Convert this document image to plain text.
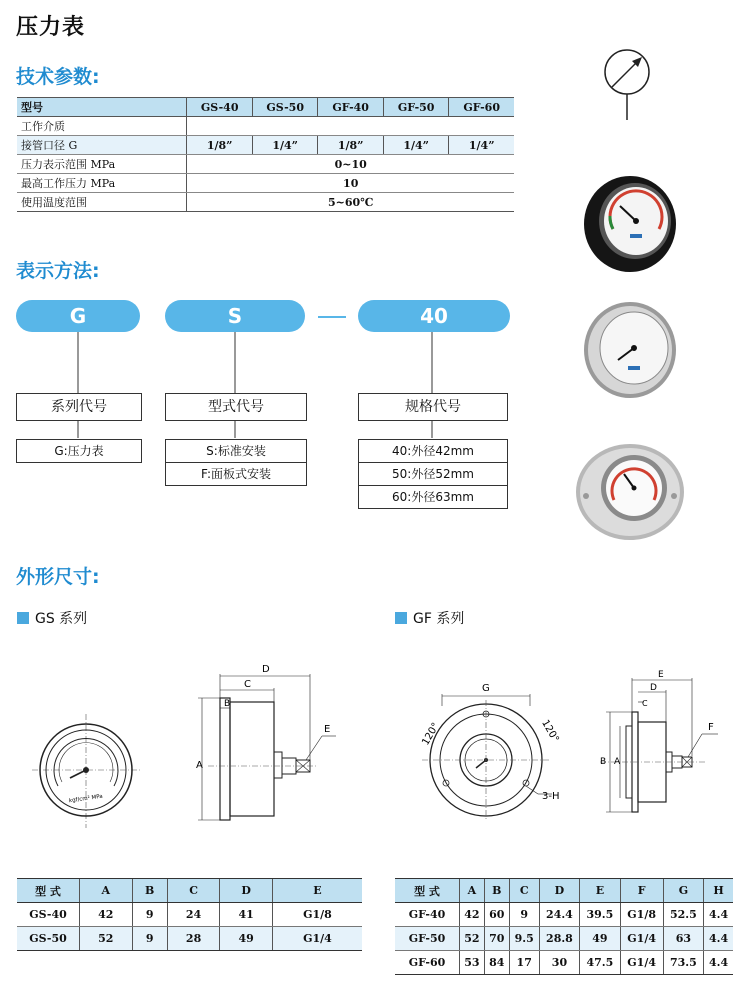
压力表
技术参数:
型号	GS-40	GS-50	GF-40	GF-50	GF-60
工作介质					
接管口径 G	1/8”	1/4”	1/8”	1/4”	1/4”
压力表示范围 MPa	0~10				
最高工作压力 MPa	10				
使用温度范围	5~60℃				
表示方法:
G	S	40
系列代号	型式代号	规格代号
G:压力表	S:标准安装
F:面板式安装
40:外径42mm
50:外径52mm
60:外径63mm
外形尺寸:
GS 系列	GF 系列
kgf/cm² MPa
A
D
C
B
E
G
120°	120°
3-H
B A
E
D
C
F
型 式	A	B	C	D	E
GS-40	42	9	24	41	G1/8
GS-50	52	9	28	49	G1/4
型 式	A	B	C	D	E	F	G	H
GF-40	42	60	9	24.4	39.5	G1/8	52.5	4.4
GF-50	52	70	9.5	28.8	49	G1/4	63	4.4
GF-60	53	84	17	30	47.5	G1/4	73.5	4.4
